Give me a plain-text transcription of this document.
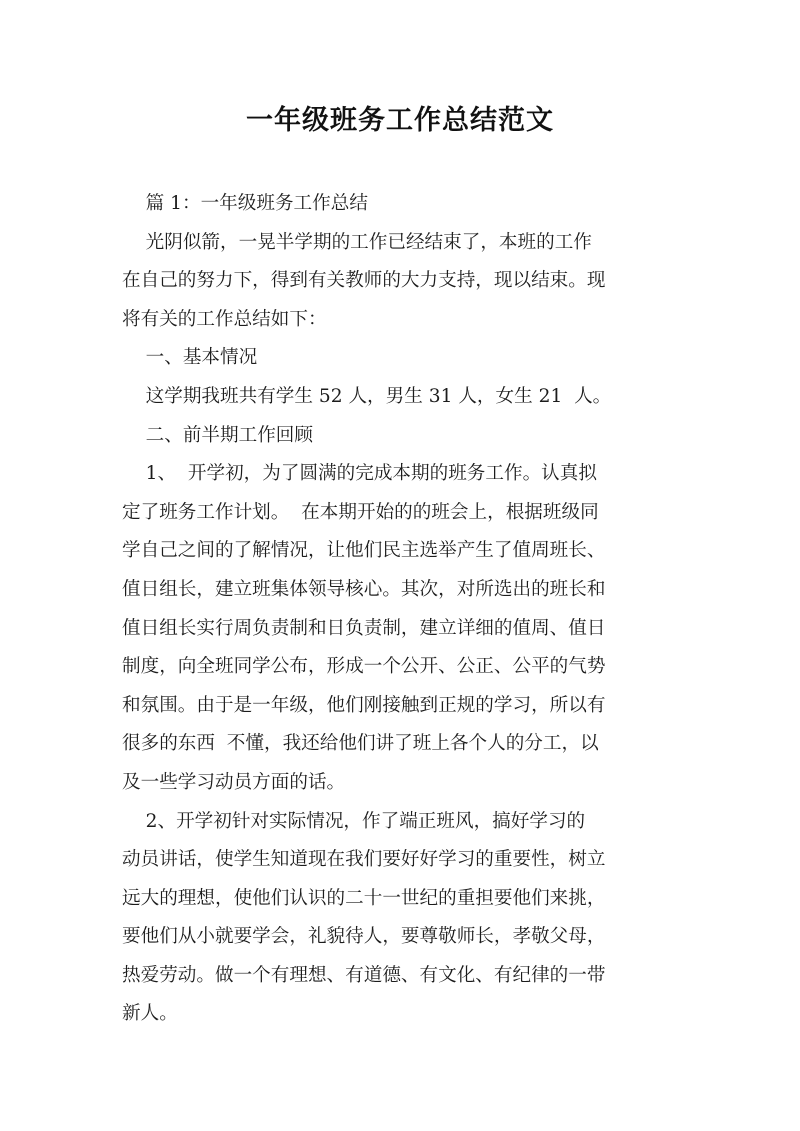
一年级班务工作总结范文
篇 1：一年级班务工作总结
光阴似箭，一晃半学期的工作已经结束了，本班的工作
在自己的努力下，得到有关教师的大力支持，现以结束。现
将有关的工作总结如下：
一、基本情况
这学期我班共有学生 52 人，男生 31 人，女生 21  人。
二、前半期工作回顾
1、  开学初，为了圆满的完成本期的班务工作。认真拟
定了班务工作计划。  在本期开始的的班会上，根据班级同
学自己之间的了解情况，让他们民主选举产生了值周班长、
值日组长，建立班集体领导核心。其次，对所选出的班长和
值日组长实行周负责制和日负责制，建立详细的值周、值日
制度，向全班同学公布，形成一个公开、公正、公平的气势
和氛围。由于是一年级，他们刚接触到正规的学习，所以有
很多的东西  不懂，我还给他们讲了班上各个人的分工，以
及一些学习动员方面的话。
2、开学初针对实际情况，作了端正班风，搞好学习的
动员讲话，使学生知道现在我们要好好学习的重要性，树立
远大的理想，使他们认识的二十一世纪的重担要他们来挑，
要他们从小就要学会，礼貌待人，要尊敬师长，孝敬父母，
热爱劳动。做一个有理想、有道德、有文化、有纪律的一带
新人。
